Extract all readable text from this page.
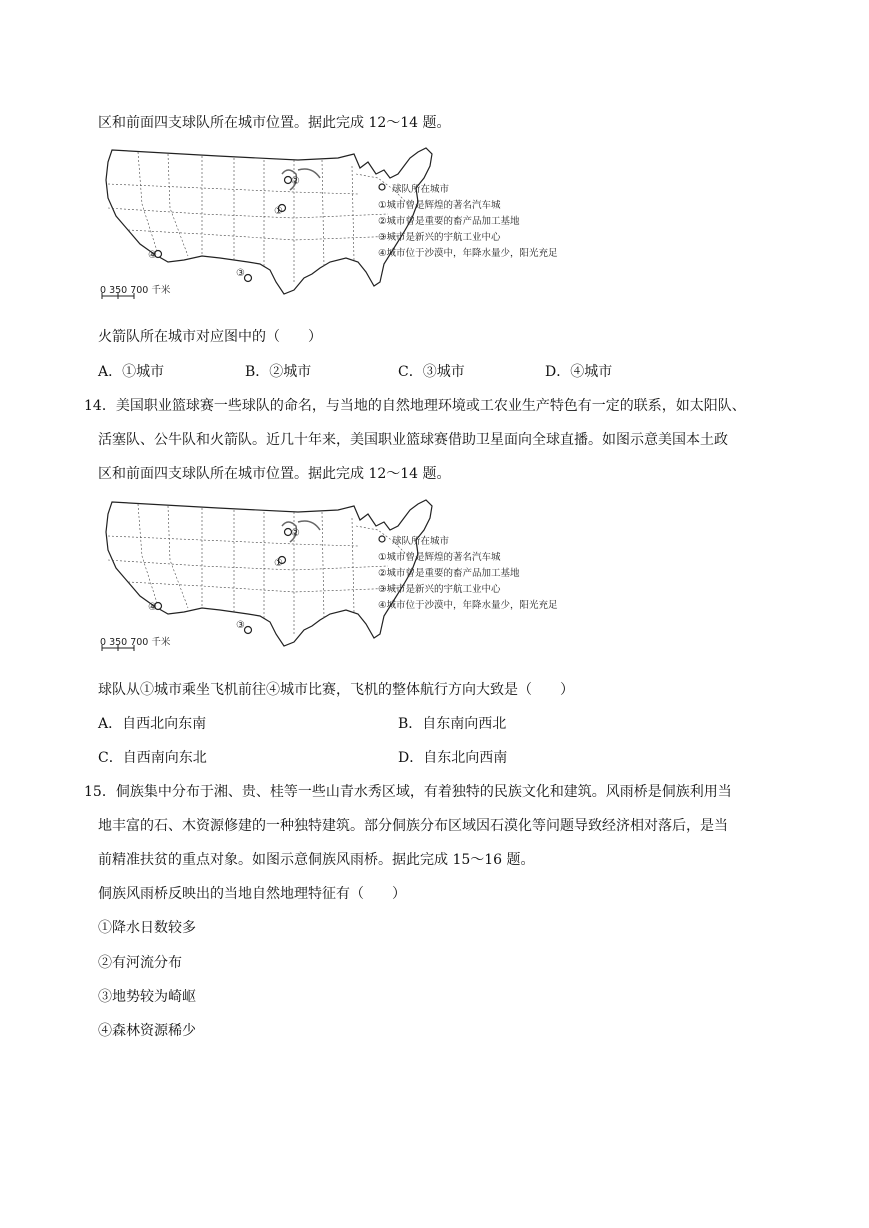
区和前面四支球队所在城市位置。据此完成 12～14 题。
①
②
③
④
球队所在城市
①城市曾是辉煌的著名汽车城
②城市曾是重要的畜产品加工基地
③城市是新兴的宇航工业中心
④城市位于沙漠中，年降水量少，阳光充足
0 350 700 千米
火箭队所在城市对应图中的（　　）
A．①城市	B．②城市	C．③城市	D．④城市
14．美国职业篮球赛一些球队的命名，与当地的自然地理环境或工农业生产特色有一定的联系，如太阳队、
活塞队、公牛队和火箭队。近几十年来，美国职业篮球赛借助卫星面向全球直播。如图示意美国本土政
区和前面四支球队所在城市位置。据此完成 12～14 题。
①
②
③
④
球队所在城市
①城市曾是辉煌的著名汽车城
②城市曾是重要的畜产品加工基地
③城市是新兴的宇航工业中心
④城市位于沙漠中，年降水量少，阳光充足
0 350 700 千米
球队从①城市乘坐飞机前往④城市比赛，飞机的整体航行方向大致是（　　）
A．自西北向东南	B．自东南向西北
C．自西南向东北	D．自东北向西南
15．侗族集中分布于湘、贵、桂等一些山青水秀区域，有着独特的民族文化和建筑。风雨桥是侗族利用当
地丰富的石、木资源修建的一种独特建筑。部分侗族分布区域因石漠化等问题导致经济相对落后，是当
前精准扶贫的重点对象。如图示意侗族风雨桥。据此完成 15～16 题。
侗族风雨桥反映出的当地自然地理特征有（　　）
①降水日数较多
②有河流分布
③地势较为崎岖
④森林资源稀少
